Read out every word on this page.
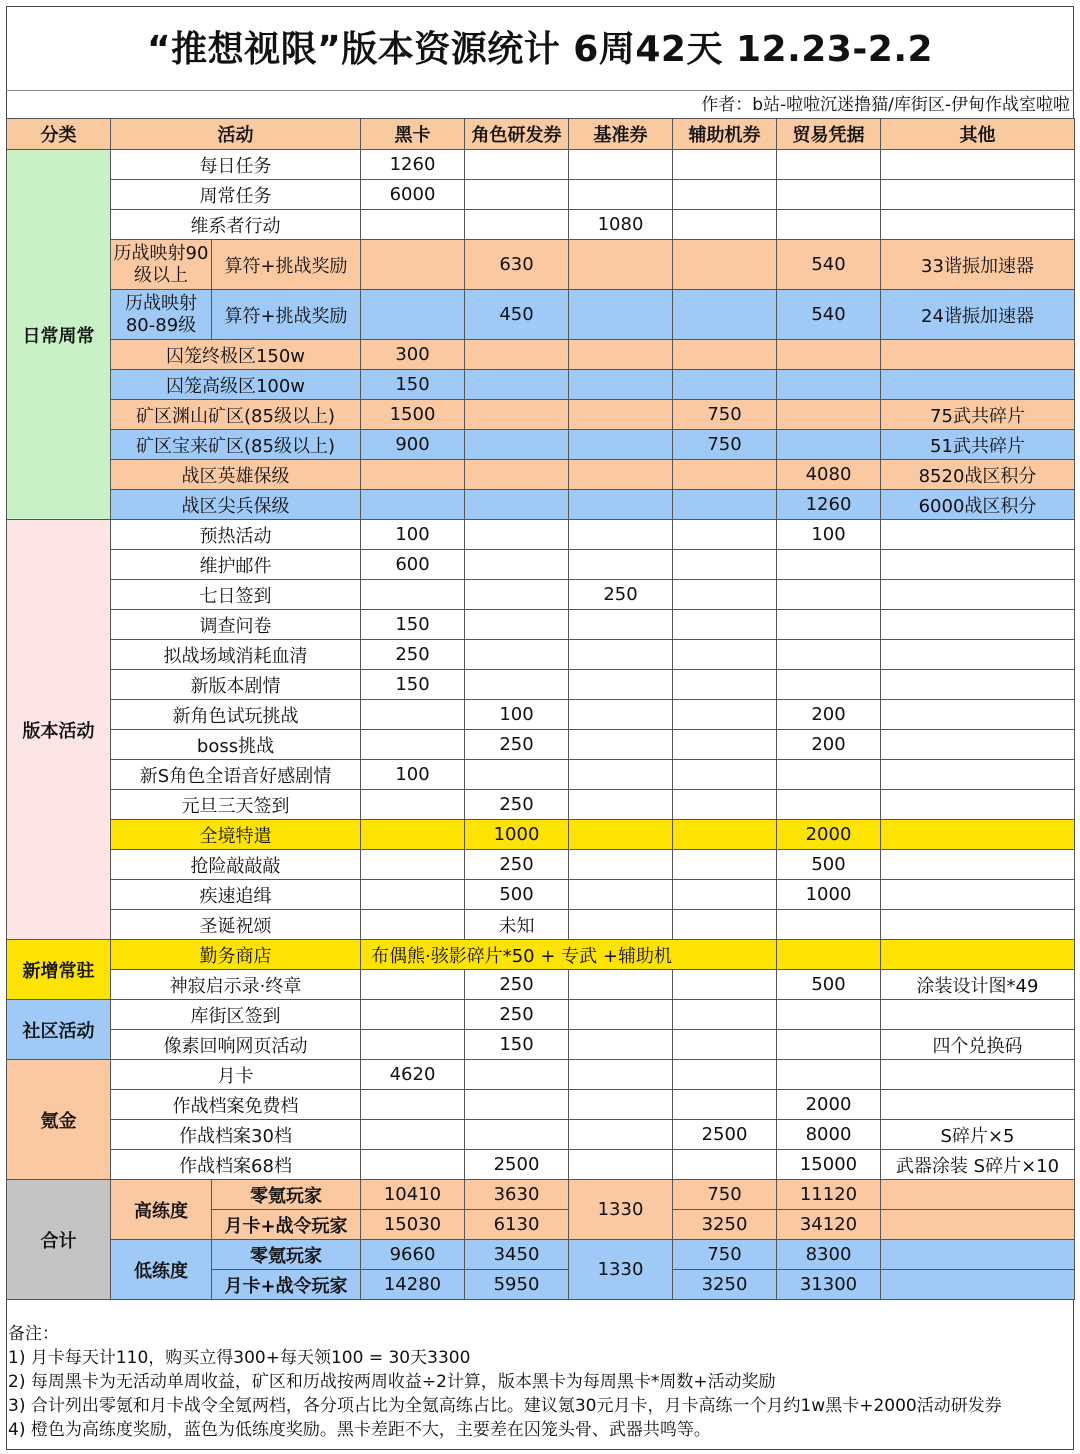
“推想视限”版本资源统计 6周42天 12.23-2.2
作者：b站-啦啦沉迷撸猫/库街区-伊甸作战室啦啦
分类	活动		黑卡	角色研发券	基准券	辅助机券	贸易凭据	其他
日常周常	每日任务		1260					
	周常任务		6000					
	维系者行动				1080			
	历战映射90级以上	算符+挑战奖励		630			540	33谐振加速器
	历战映射80-89级	算符+挑战奖励		450			540	24谐振加速器
	囚笼终极区150w		300					
	囚笼高级区100w		150					
	矿区渊山矿区(85级以上)		1500			750		75武共碎片
	矿区宝来矿区(85级以上)		900			750		51武共碎片
	战区英雄保级						4080	8520战区积分
	战区尖兵保级						1260	6000战区积分
版本活动	预热活动		100				100	
	维护邮件		600					
	七日签到				250			
	调查问卷		150					
	拟战场域消耗血清		250					
	新版本剧情		150					
	新角色试玩挑战			100			200	
	boss挑战			250			200	
	新S角色全语音好感剧情		100					
	元旦三天签到			250				
	全境特遣			1000			2000	
	抢险敲敲敲			250			500	
	疾速追缉			500			1000	
	圣诞祝颂			未知				
新增常驻	勤务商店		布偶熊·骇影碎片*50 + 专武 +辅助机					
	神寂启示录·终章			250			500	涂装设计图*49
社区活动	库街区签到			250				
	像素回响网页活动			150				四个兑换码
氪金	月卡		4620					
	作战档案免费档						2000	
	作战档案30档					2500	8000	S碎片×5
	作战档案68档			2500			15000	武器涂装 S碎片×10
合计	高练度	零氪玩家	10410	3630	1330	750	11120	
		月卡+战令玩家	15030	6130		3250	34120	
	低练度	零氪玩家	9660	3450	1330	750	8300	
		月卡+战令玩家	14280	5950		3250	31300	
备注：
1) 月卡每天计110，购买立得300+每天领100 = 30天3300
2) 每周黑卡为无活动单周收益，矿区和历战按两周收益÷2计算，版本黑卡为每周黑卡*周数+活动奖励
3) 合计列出零氪和月卡战令全氪两档，各分项占比为全氪高练占比。建议氪30元月卡，月卡高练一个月约1w黑卡+2000活动研发券
4) 橙色为高练度奖励，蓝色为低练度奖励。黑卡差距不大，主要差在囚笼头骨、武器共鸣等。
